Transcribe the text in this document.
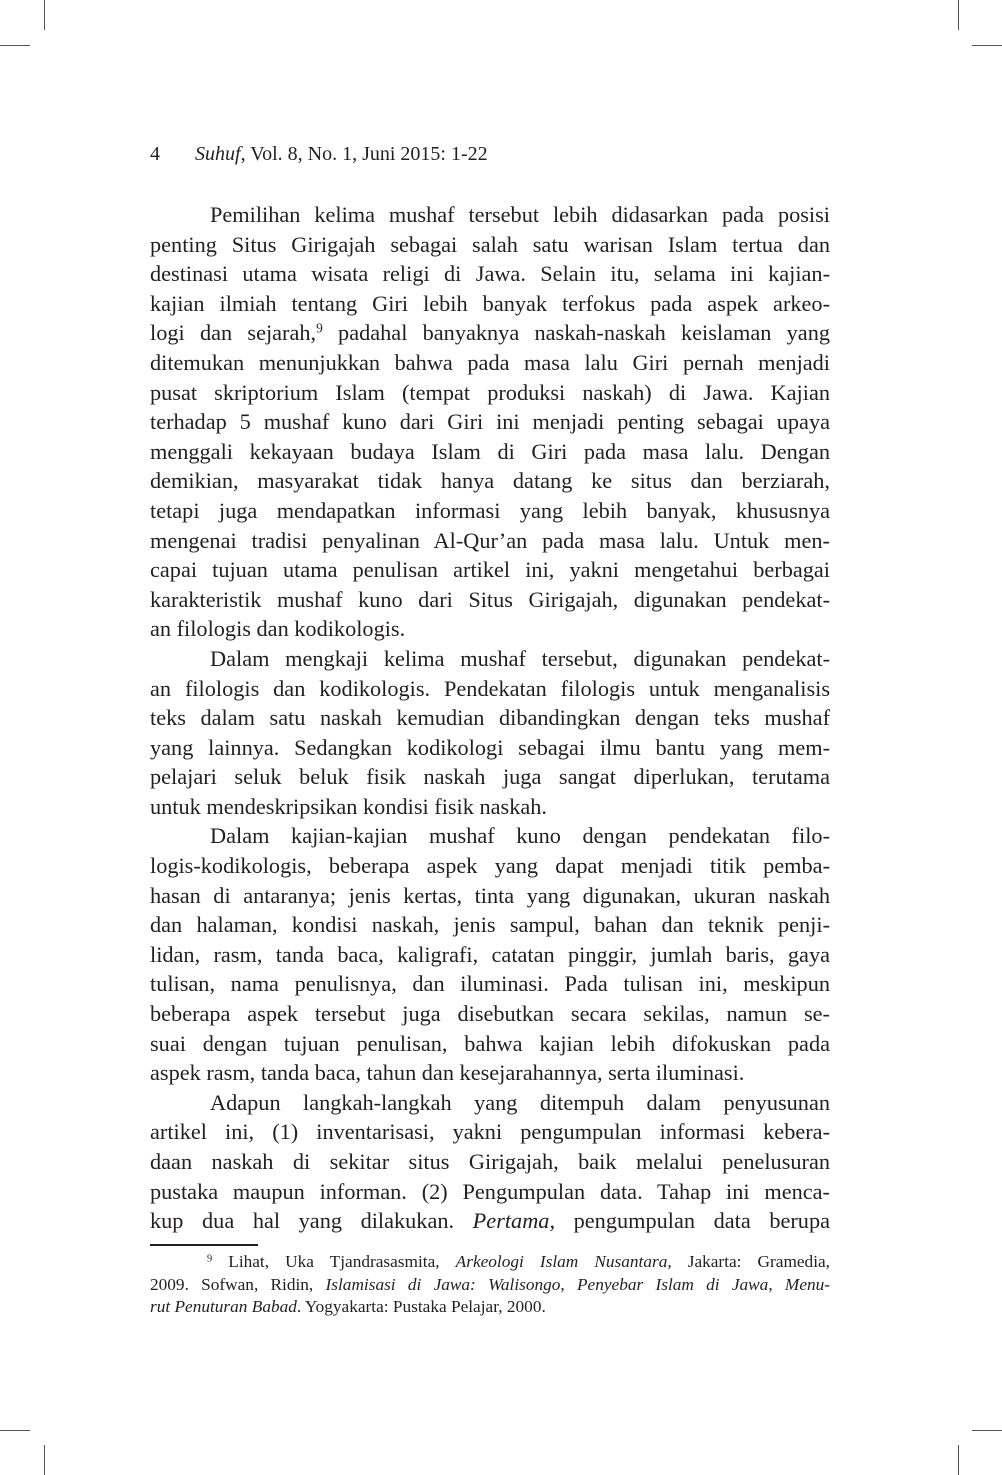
4 Suhuf, Vol. 8, No. 1, Juni 2015: 1-22
Pemilihan kelima mushaf tersebut lebih didasarkan pada posisi
penting Situs Girigajah sebagai salah satu warisan Islam tertua dan
destinasi utama wisata religi di Jawa. Selain itu, selama ini kajian-
kajian ilmiah tentang Giri lebih banyak terfokus pada aspek arkeo-
logi dan sejarah,$^9$ padahal banyaknya naskah-naskah keislaman yang
ditemukan menunjukkan bahwa pada masa lalu Giri pernah menjadi
pusat skriptorium Islam (tempat produksi naskah) di Jawa. Kajian
terhadap 5 mushaf kuno dari Giri ini menjadi penting sebagai upaya
menggali kekayaan budaya Islam di Giri pada masa lalu. Dengan
demikian, masyarakat tidak hanya datang ke situs dan berziarah,
tetapi juga mendapatkan informasi yang lebih banyak, khususnya
mengenai tradisi penyalinan Al-Qur’an pada masa lalu. Untuk men-
capai tujuan utama penulisan artikel ini, yakni mengetahui berbagai
karakteristik mushaf kuno dari Situs Girigajah, digunakan pendekat-
an filologis dan kodikologis.
Dalam mengkaji kelima mushaf tersebut, digunakan pendekat-
an filologis dan kodikologis. Pendekatan filologis untuk menganalisis
teks dalam satu naskah kemudian dibandingkan dengan teks mushaf
yang lainnya. Sedangkan kodikologi sebagai ilmu bantu yang mem-
pelajari seluk beluk fisik naskah juga sangat diperlukan, terutama
untuk mendeskripsikan kondisi fisik naskah.
Dalam kajian-kajian mushaf kuno dengan pendekatan filo-
logis-kodikologis, beberapa aspek yang dapat menjadi titik pemba-
hasan di antaranya; jenis kertas, tinta yang digunakan, ukuran naskah
dan halaman, kondisi naskah, jenis sampul, bahan dan teknik penji-
lidan, rasm, tanda baca, kaligrafi, catatan pinggir, jumlah baris, gaya
tulisan, nama penulisnya, dan iluminasi. Pada tulisan ini, meskipun
beberapa aspek tersebut juga disebutkan secara sekilas, namun se-
suai dengan tujuan penulisan, bahwa kajian lebih difokuskan pada
aspek rasm, tanda baca, tahun dan kesejarahannya, serta iluminasi.
Adapun langkah-langkah yang ditempuh dalam penyusunan
artikel ini, (1) inventarisasi, yakni pengumpulan informasi kebera-
daan naskah di sekitar situs Girigajah, baik melalui penelusuran
pustaka maupun informan. (2) Pengumpulan data. Tahap ini menca-
kup dua hal yang dilakukan. Pertama, pengumpulan data berupa
$^9$ Lihat, Uka Tjandrasasmita, Arkeologi Islam Nusantara, Jakarta: Gramedia,
2009. Sofwan, Ridin, Islamisasi di Jawa: Walisongo, Penyebar Islam di Jawa, Menu-
rut Penuturan Babad. Yogyakarta: Pustaka Pelajar, 2000.
